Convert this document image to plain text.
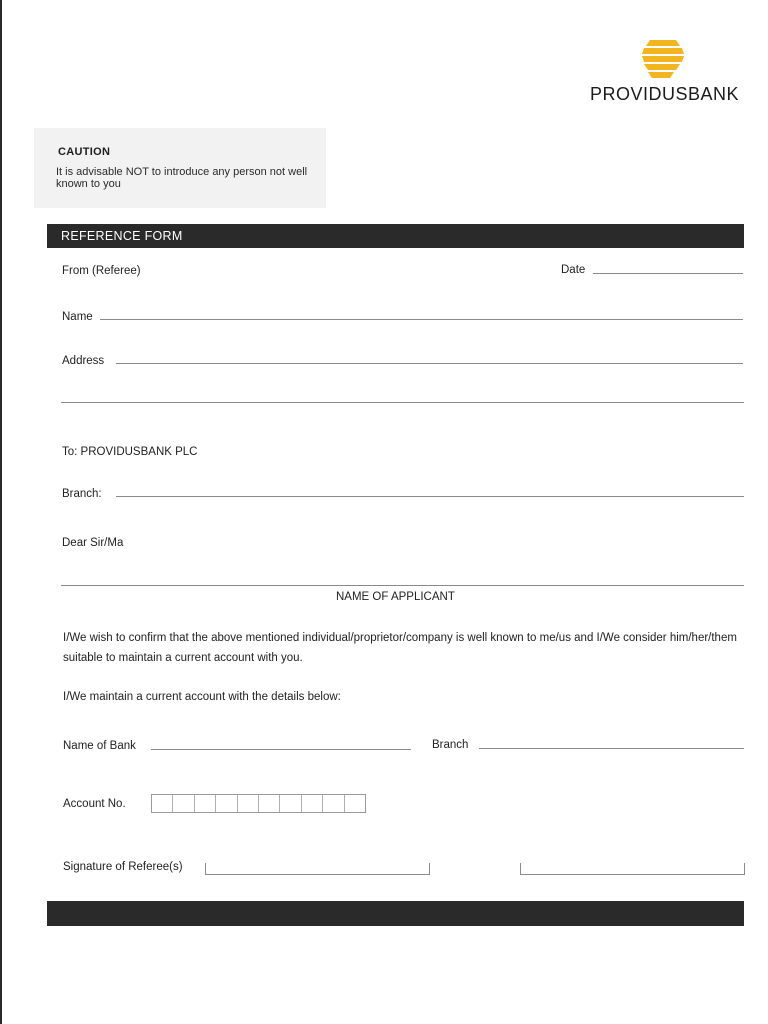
PROVIDUSBANK
CAUTION
It is advisable NOT to introduce any person not well known to you
REFERENCE FORM
From (Referee)	Date
Name
Address
To: PROVIDUSBANK PLC
Branch:
Dear Sir/Ma
NAME OF APPLICANT
I/We wish to confirm that the above mentioned individual/proprietor/company is well known to me/us and I/We consider him/her/them suitable to maintain a current account with you.
I/We maintain a current account with the details below:
Name of Bank	Branch
Account No.
Signature of Referee(s)
